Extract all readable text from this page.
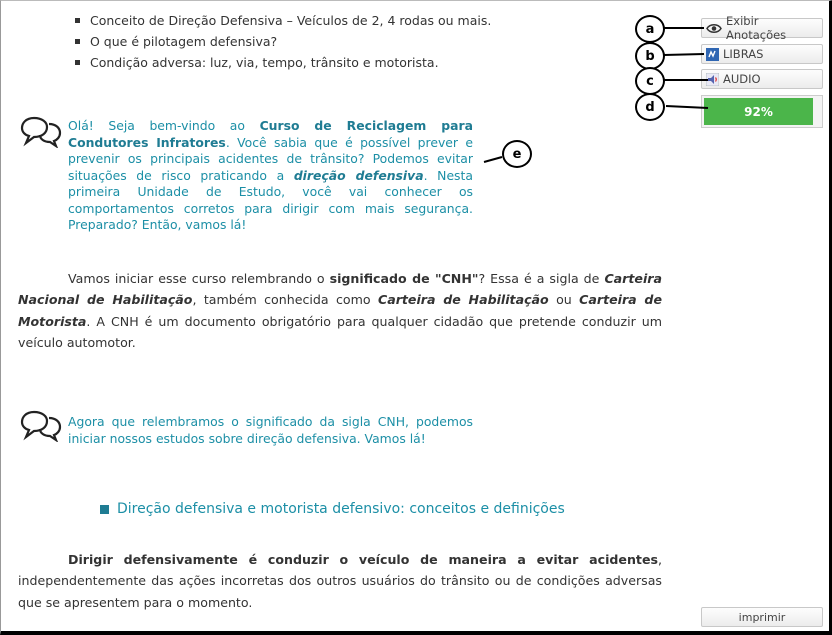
Conceito de Direção Defensiva – Veículos de 2, 4 rodas ou mais.
O que é pilotagem defensiva?
Condição adversa: luz, via, tempo, trânsito e motorista.
Olá! Seja bem-vindo ao Curso de Reciclagem para Condutores Infratores. Você sabia que é possível prever e prevenir os principais acidentes de trânsito? Podemos evitar situações de risco praticando a direção defensiva. Nesta primeira Unidade de Estudo, você vai conhecer os comportamentos corretos para dirigir com mais segurança. Preparado? Então, vamos lá!
Vamos iniciar esse curso relembrando o significado de "CNH"? Essa é a sigla de Carteira Nacional de Habilitação, também conhecida como Carteira de Habilitação ou Carteira de Motorista. A CNH é um documento obrigatório para qualquer cidadão que pretende conduzir um veículo automotor.
Agora que relembramos o significado da sigla CNH, podemos iniciar nossos estudos sobre direção defensiva. Vamos lá!
Direção defensiva e motorista defensivo: conceitos e definições
Dirigir defensivamente é conduzir o veículo de maneira a evitar acidentes, independentemente das ações incorretas dos outros usuários do trânsito ou de condições adversas que se apresentem para o momento.
Exibir Anotações
LIBRAS
AUDIO
92%
imprimir
a
b
c
d
e
